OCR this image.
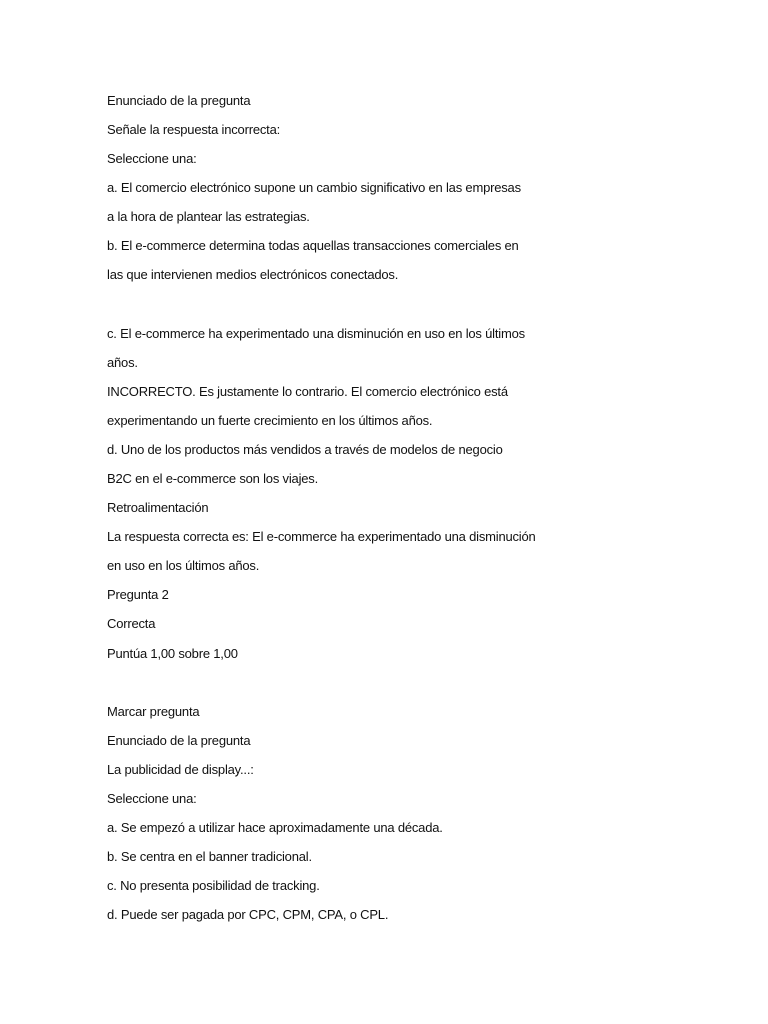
Enunciado de la pregunta

Señale la respuesta incorrecta:

Seleccione una:

a. El comercio electrónico supone un cambio significativo en las empresas

a la hora de plantear las estrategias.

b. El e-commerce determina todas aquellas transacciones comerciales en

las que intervienen medios electrónicos conectados.

c. El e-commerce ha experimentado una disminución en uso en los últimos

años.

INCORRECTO. Es justamente lo contrario. El comercio electrónico está

experimentando un fuerte crecimiento en los últimos años.

d. Uno de los productos más vendidos a través de modelos de negocio

B2C en el e-commerce son los viajes.

Retroalimentación

La respuesta correcta es: El e-commerce ha experimentado una disminución

en uso en los últimos años.

Pregunta 2

Correcta

Puntúa 1,00 sobre 1,00

Marcar pregunta

Enunciado de la pregunta

La publicidad de display...:

Seleccione una:

a. Se empezó a utilizar hace aproximadamente una década.

b. Se centra en el banner tradicional.

c. No presenta posibilidad de tracking.

d. Puede ser pagada por CPC, CPM, CPA, o CPL.
